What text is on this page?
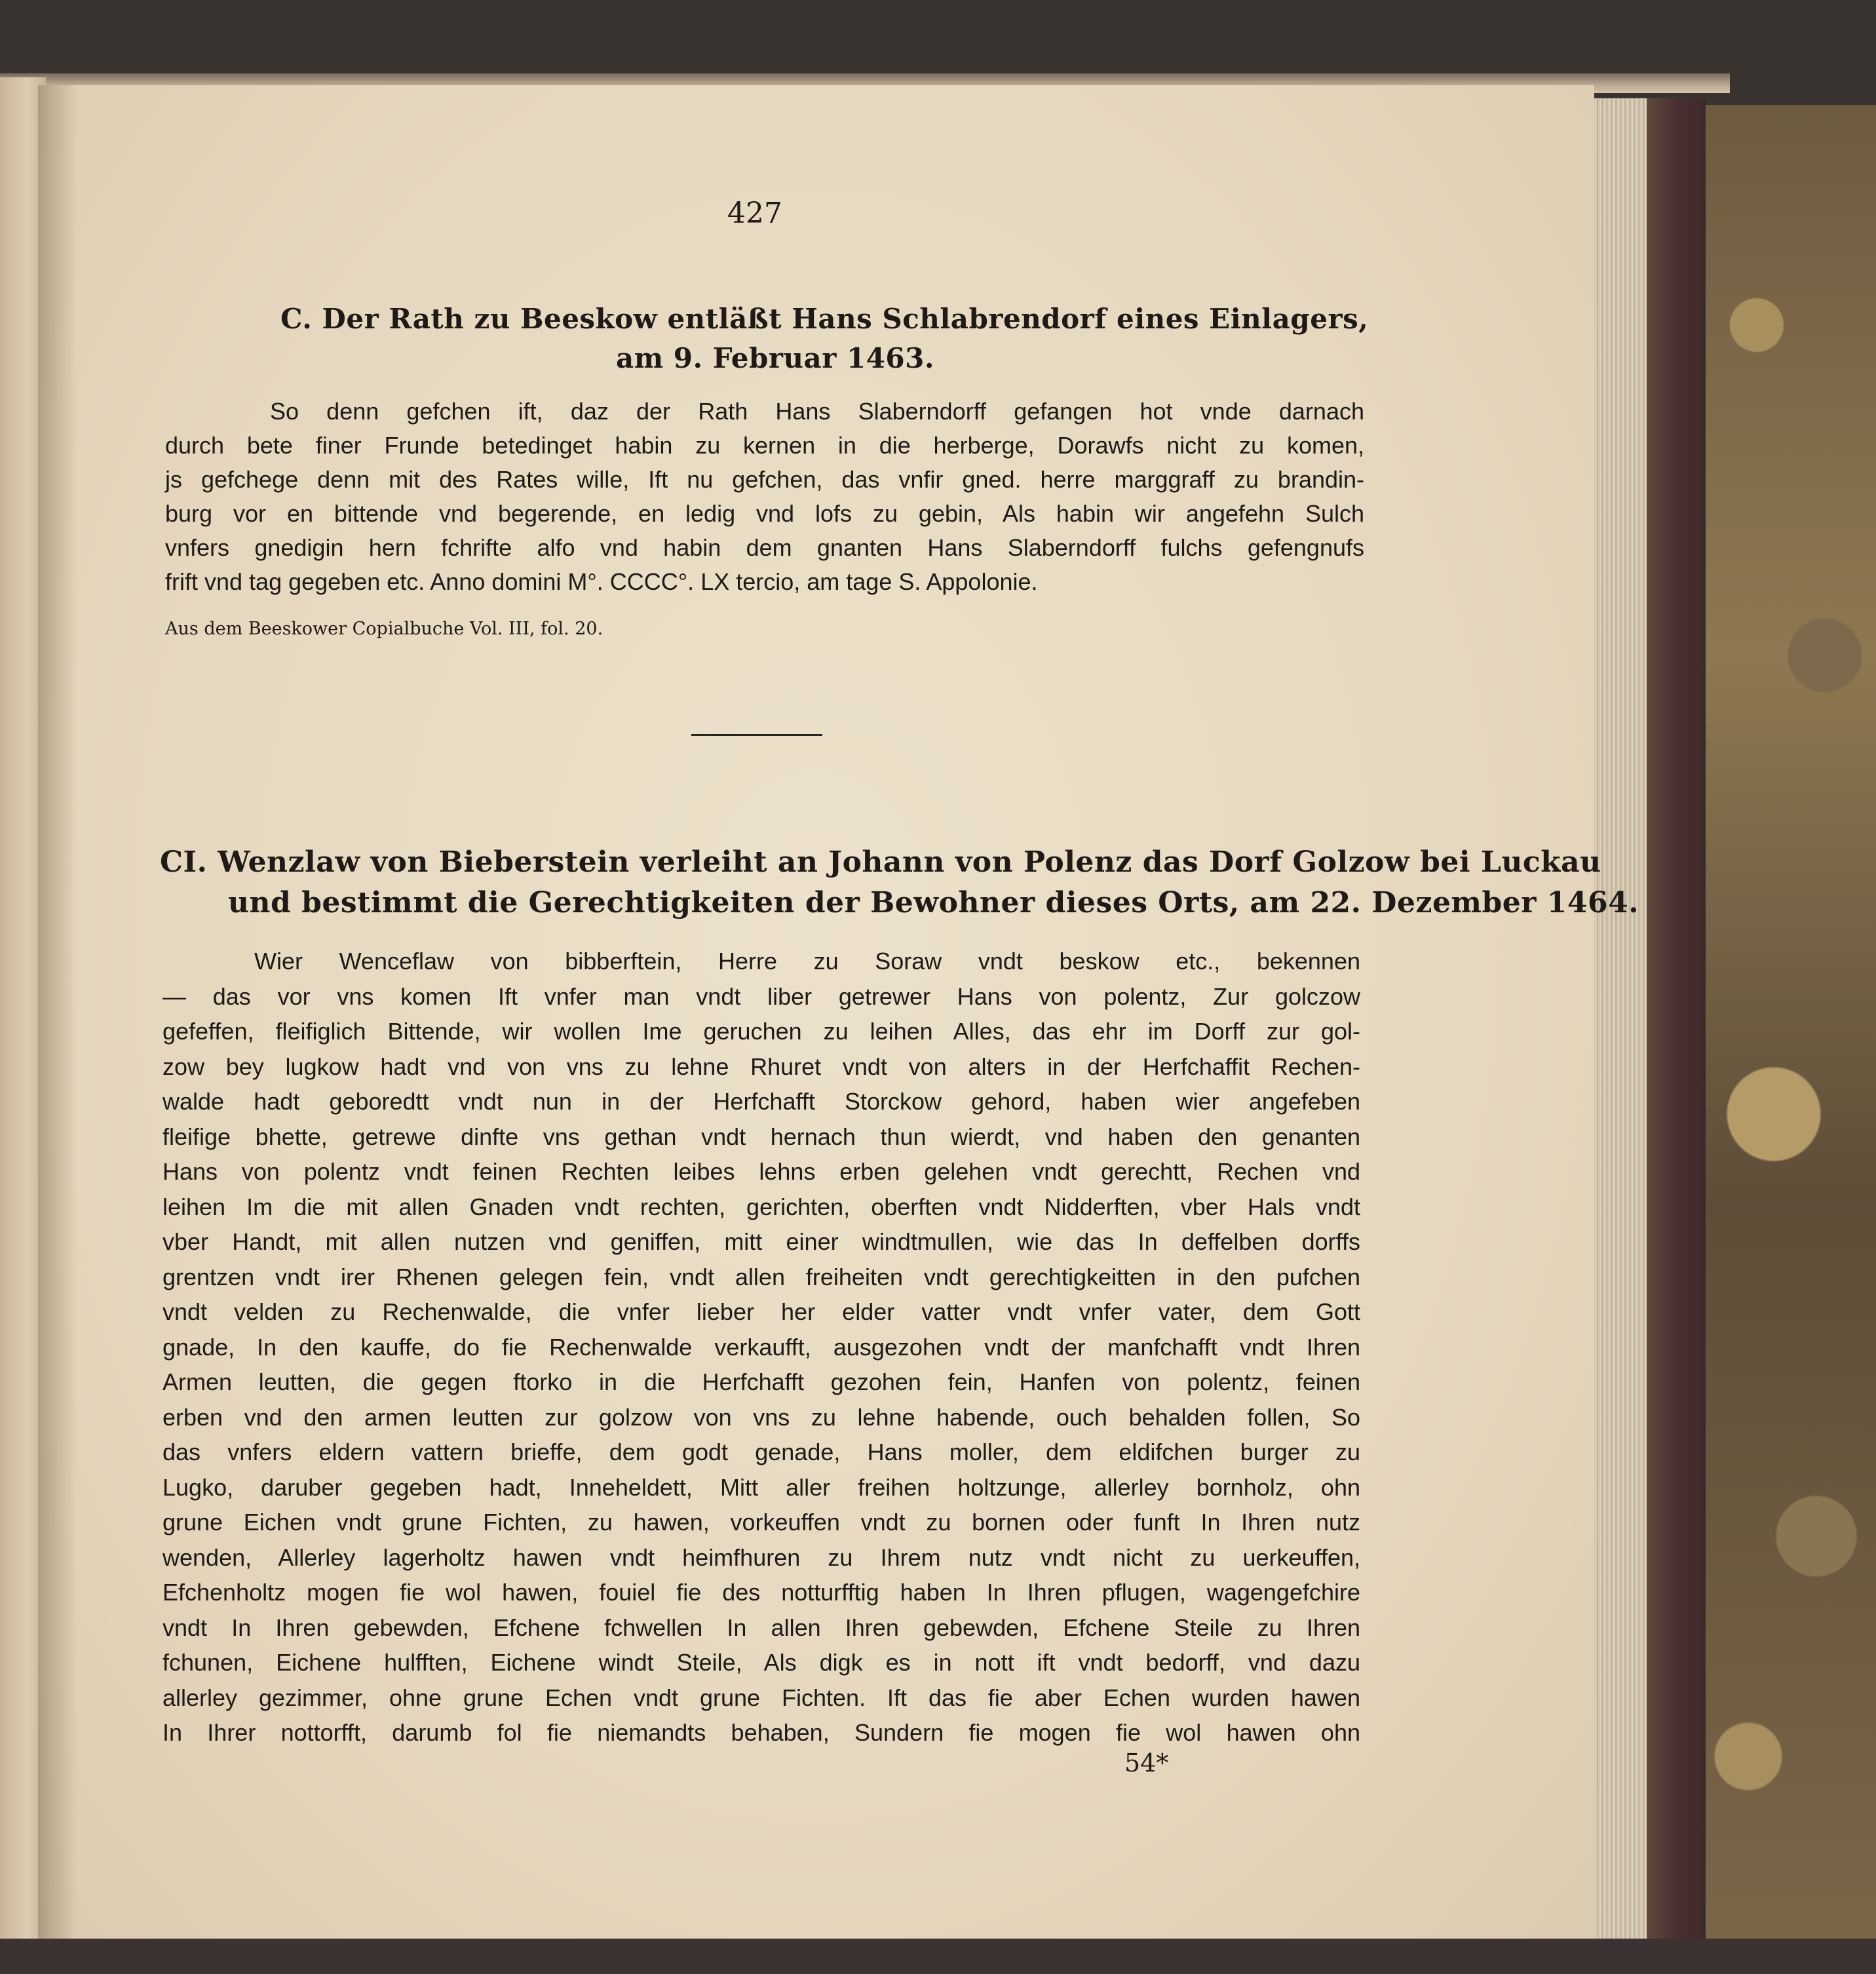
427
C. Der Rath zu Beeskow entläßt Hans Schlabrendorf eines Einlagers,
am 9. Februar 1463.
So denn gefchen ift, daz der Rath Hans Slaberndorff gefangen hot vnde darnach
durch bete finer Frunde betedinget habin zu kernen in die herberge, Dorawfs nicht zu komen,
js gefchege denn mit des Rates wille, Ift nu gefchen, das vnfir gned. herre marggraff zu brandin-
burg vor en bittende vnd begerende, en ledig vnd lofs zu gebin, Als habin wir angefehn Sulch
vnfers gnedigin hern fchrifte alfo vnd habin dem gnanten Hans Slaberndorff fulchs gefengnufs
frift vnd tag gegeben etc. Anno domini M°. CCCC°. LX tercio, am tage S. Appolonie.
Aus dem Beeskower Copialbuche Vol. III, fol. 20.
CI. Wenzlaw von Bieberstein verleiht an Johann von Polenz das Dorf Golzow bei Luckau
und bestimmt die Gerechtigkeiten der Bewohner dieses Orts, am 22. Dezember 1464.
Wier Wenceflaw von bibberftein, Herre zu Soraw vndt beskow etc., bekennen
— das vor vns komen Ift vnfer man vndt liber getrewer Hans von polentz, Zur golczow
gefeffen, fleifiglich Bittende, wir wollen Ime geruchen zu leihen Alles, das ehr im Dorff zur gol-
zow bey lugkow hadt vnd von vns zu lehne Rhuret vndt von alters in der Herfchaffit Rechen-
walde hadt geboredtt vndt nun in der Herfchafft Storckow gehord, haben wier angefeben
fleifige bhette, getrewe dinfte vns gethan vndt hernach thun wierdt, vnd haben den genanten
Hans von polentz vndt feinen Rechten leibes lehns erben gelehen vndt gerechtt, Rechen vnd
leihen Im die mit allen Gnaden vndt rechten, gerichten, oberften vndt Nidderften, vber Hals vndt
vber Handt, mit allen nutzen vnd geniffen, mitt einer windtmullen, wie das In deffelben dorffs
grentzen vndt irer Rhenen gelegen fein, vndt allen freiheiten vndt gerechtigkeitten in den pufchen
vndt velden zu Rechenwalde, die vnfer lieber her elder vatter vndt vnfer vater, dem Gott
gnade, In den kauffe, do fie Rechenwalde verkaufft, ausgezohen vndt der manfchafft vndt Ihren
Armen leutten, die gegen ftorko in die Herfchafft gezohen fein, Hanfen von polentz, feinen
erben vnd den armen leutten zur golzow von vns zu lehne habende, ouch behalden follen, So
das vnfers eldern vattern brieffe, dem godt genade, Hans moller, dem eldifchen burger zu
Lugko, daruber gegeben hadt, Inneheldett, Mitt aller freihen holtzunge, allerley bornholz, ohn
grune Eichen vndt grune Fichten, zu hawen, vorkeuffen vndt zu bornen oder funft In Ihren nutz
wenden, Allerley lagerholtz hawen vndt heimfhuren zu Ihrem nutz vndt nicht zu uerkeuffen,
Efchenholtz mogen fie wol hawen, fouiel fie des notturfftig haben In Ihren pflugen, wagengefchire
vndt In Ihren gebewden, Efchene fchwellen In allen Ihren gebewden, Efchene Steile zu Ihren
fchunen, Eichene hulfften, Eichene windt Steile, Als digk es in nott ift vndt bedorff, vnd dazu
allerley gezimmer, ohne grune Echen vndt grune Fichten. Ift das fie aber Echen wurden hawen
In Ihrer nottorfft, darumb fol fie niemandts behaben, Sundern fie mogen fie wol hawen ohn
54*
